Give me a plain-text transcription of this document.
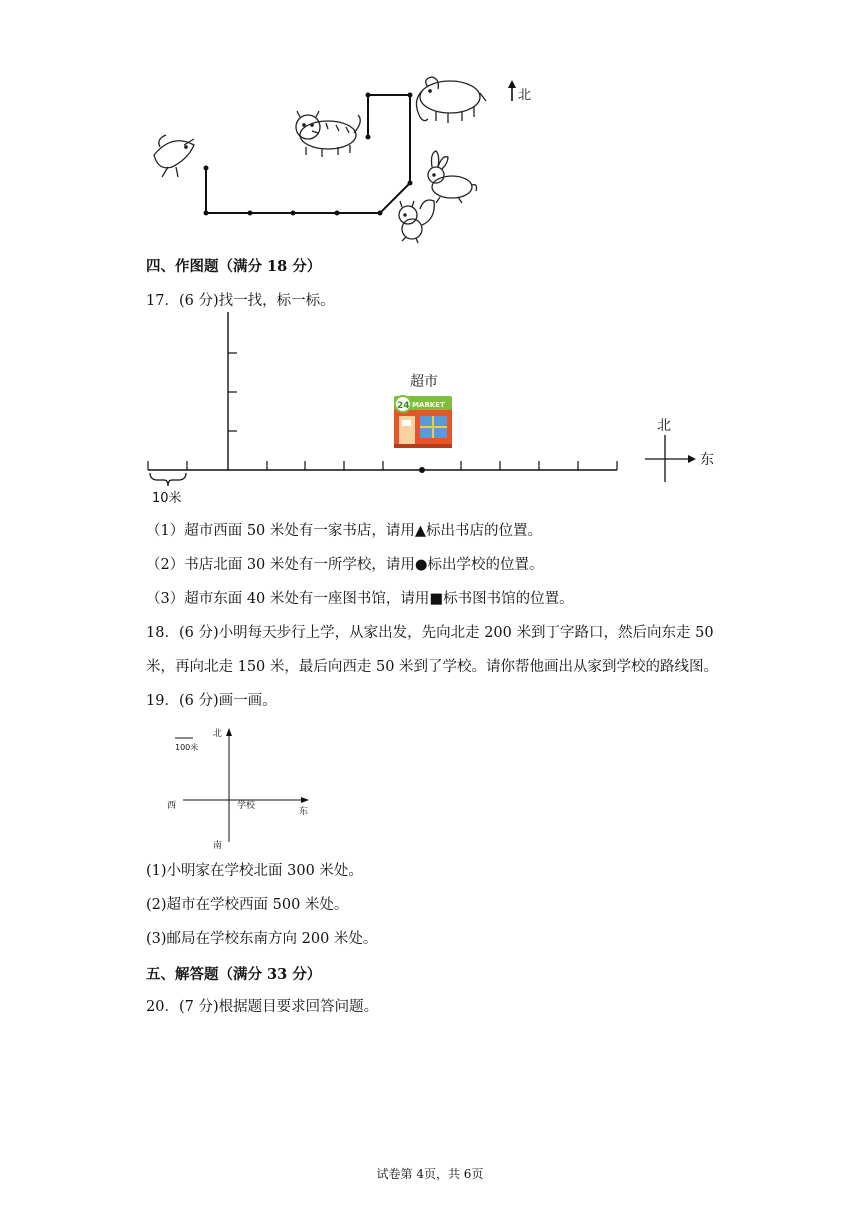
北
四、作图题（满分 18 分）
17．(6 分)找一找，标一标。
10米
超市
24 MARKET
北
东
（1）超市西面 50 米处有一家书店，请用▲标出书店的位置。
（2）书店北面 30 米处有一所学校，请用●标出学校的位置。
（3）超市东面 40 米处有一座图书馆，请用■标书图书馆的位置。
18．(6 分)小明每天步行上学，从家出发，先向北走 200 米到丁字路口，然后向东走 50
米，再向北走 150 米，最后向西走 50 米到了学校。请你帮他画出从家到学校的路线图。
19．(6 分)画一画。
100米
北
南
西
东
学校
(1)小明家在学校北面 300 米处。
(2)超市在学校西面 500 米处。
(3)邮局在学校东南方向 200 米处。
五、解答题（满分 33 分）
20．(7 分)根据题目要求回答问题。
试卷第 4页，共 6页
